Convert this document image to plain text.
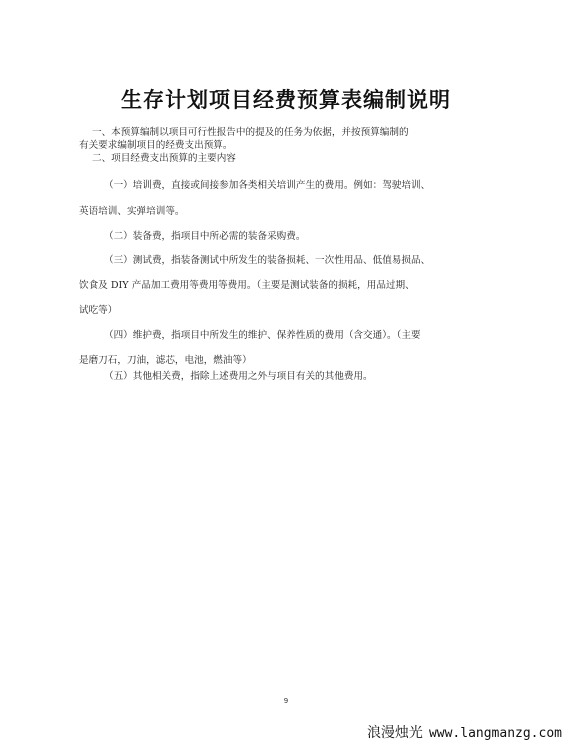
生存计划项目经费预算表编制说明
一、本预算编制以项目可行性报告中的提及的任务为依据，并按预算编制的
有关要求编制项目的经费支出预算。
二、项目经费支出预算的主要内容
（一）培训费，直接或间接参加各类相关培训产生的费用。例如：驾驶培训、
英语培训、实弹培训等。
（二）装备费，指项目中所必需的装备采购费。
（三）测试费，指装备测试中所发生的装备损耗、一次性用品、低值易损品、
饮食及 DIY 产品加工费用等费用等费用。（主要是测试装备的损耗，用品过期、
试吃等）
（四）维护费，指项目中所发生的维护、保养性质的费用（含交通）。（主要
是磨刀石，刀油，滤芯，电池，燃油等）
（五）其他相关费，指除上述费用之外与项目有关的其他费用。
9
浪漫烛光 www.langmanzg.com
